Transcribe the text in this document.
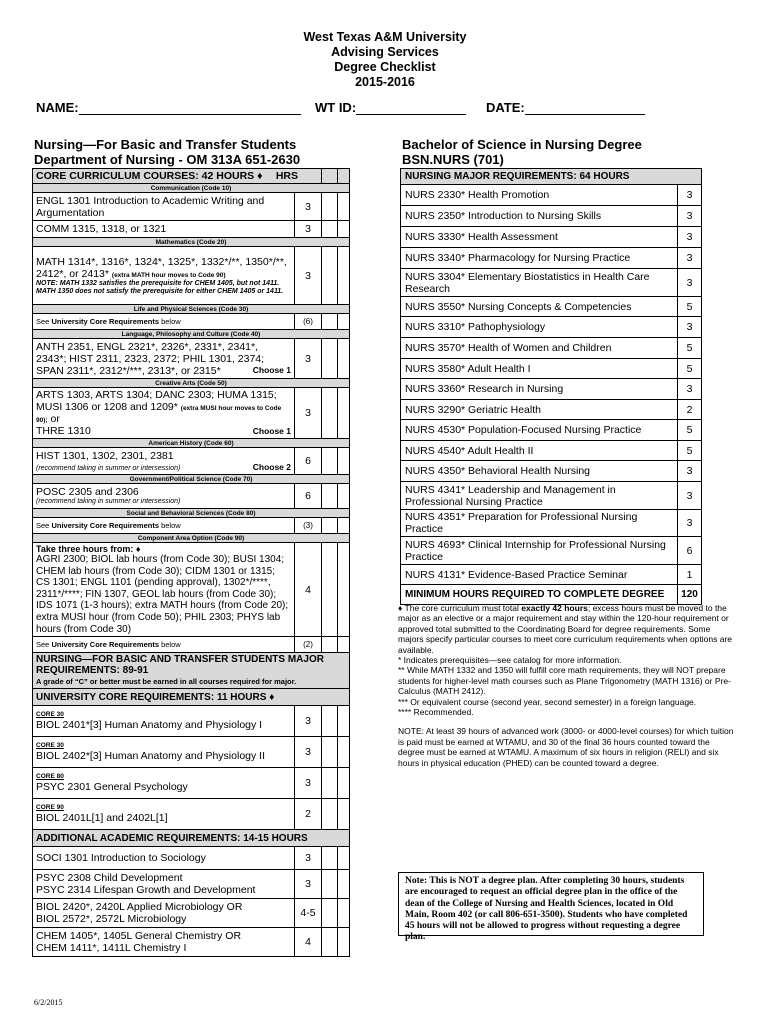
West Texas A&M University
Advising Services
Degree Checklist
2015-2016
NAME:	WT ID:	DATE:
Nursing—For Basic and Transfer Students
Department of Nursing - OM 313A 651-2630
Bachelor of Science in Nursing Degree
BSN.NURS (701)
CORE CURRICULUM COURSES: 42 HOURS ♦ HRS			

Communication (Code 10)			
ENGL 1301 Introduction to Academic Writing and Argumentation	3		
COMM 1315, 1318, or 1321	3		
Mathematics (Code 20)			

MATH 1314*, 1316*, 1324*, 1325*, 1332*/**, 1350*/**,
2412*, or 2413* (extra MATH hour moves to Code 90)
NOTE: MATH 1332 satisfies the prerequisite for CHEM 1405, but not 1411. MATH 1350 does not satisfy the prerequisite for either CHEM 1405 or 1411.	3		
Life and Physical Sciences (Code 30)			
See University Core Requirements below	(6)		
Language, Philosophy and Culture (Code 40)			
ANTH 2351, ENGL 2321*, 2326*, 2331*, 2341*, 2343*; HIST 2311, 2323, 2372; PHIL 1301, 2374; SPAN 2311*, 2312*/***, 2313*, or 2315* Choose 1	3		
Creative Arts (Code 50)			

ARTS 1303, ARTS 1304; DANC 2303; HUMA 1315; MUSI 1306 or 1208 and 1209* (extra MUSI hour moves to Code 90); or
THRE 1310 Choose 1	3		
American History (Code 60)			

HIST 1301, 1302, 2301, 2381
(recommend taking in summer or intersession) Choose 2	6		
Government/Political Science (Code 70)			

POSC 2305 and 2306
(recommend taking in summer or intersession)	6		
Social and Behavioral Sciences (Code 80)			
See University Core Requirements below	(3)		
Component Area Option (Code 90)			

Take three hours from: ♦
AGRI 2300; BIOL lab hours (from Code 30); BUSI 1304; CHEM lab hours (from Code 30); CIDM 1301 or 1315; CS 1301; ENGL 1101 (pending approval), 1302*/****, 2311*/****; FIN 1307, GEOL lab hours (from Code 30); IDS 1071 (1-3 hours); extra MATH hours (from Code 20); extra MUSI hour (from Code 50); PHIL 2303; PHYS lab hours (from Code 30)	4		
See University Core Requirements below	(2)		

NURSING—FOR BASIC AND TRANSFER STUDENTS MAJOR REQUIREMENTS: 89-91
A grade of “C” or better must be earned in all courses required for major.			

UNIVERSITY CORE REQUIREMENTS: 11 HOURS ♦			

CORE 30
BIOL 2401*[3] Human Anatomy and Physiology I	3		

CORE 30
BIOL 2402*[3] Human Anatomy and Physiology II	3		

CORE 80
PSYC 2301 General Psychology	3		

CORE 90
BIOL 2401L[1] and 2402L[1]	2		
ADDITIONAL ACADEMIC REQUIREMENTS: 14-15 HOURS			

SOCI 1301 Introduction to Sociology	3		

PSYC 2308 Child Development
PSYC 2314 Lifespan Growth and Development	3		

BIOL 2420*, 2420L Applied Microbiology OR
BIOL 2572*, 2572L Microbiology	4-5		

CHEM 1405*, 1405L General Chemistry OR
CHEM 1411*, 1411L Chemistry I	4		
NURSING MAJOR REQUIREMENTS: 64 HOURS	
NURS 2330* Health Promotion	3
NURS 2350* Introduction to Nursing Skills	3
NURS 3330* Health Assessment	3
NURS 3340* Pharmacology for Nursing Practice	3
NURS 3304* Elementary Biostatistics in Health Care Research	3
NURS 3550* Nursing Concepts & Competencies	5
NURS 3310* Pathophysiology	3
NURS 3570* Health of Women and Children	5
NURS 3580* Adult Health I	5
NURS 3360* Research in Nursing	3
NURS 3290* Geriatric Health	2
NURS 4530* Population-Focused Nursing Practice	5
NURS 4540* Adult Health II	5
NURS 4350* Behavioral Health Nursing	3
NURS 4341* Leadership and Management in Professional Nursing Practice	3
NURS 4351* Preparation for Professional Nursing Practice	3
NURS 4693* Clinical Internship for Professional Nursing Practice	6
NURS 4131* Evidence-Based Practice Seminar	1
MINIMUM HOURS REQUIRED TO COMPLETE DEGREE	120

♦ The core curriculum must total exactly 42 hours; excess hours must be moved to the major as an elective or a major requirement and stay within the 120-hour requirement or approved total submitted to the Coordinating Board for degree requirements. Some majors specify particular courses to meet core curriculum requirements when options are available.

* Indicates prerequisites—see catalog for more information.

** While MATH 1332 and 1350 will fulfill core math requirements, they will NOT prepare students for higher-level math courses such as Plane Trigonometry (MATH 1316) or Pre-Calculus (MATH 2412).

*** Or equivalent course (second year, second semester) in a foreign language.

**** Recommended.

NOTE: At least 39 hours of advanced work (3000- or 4000-level courses) for which tuition is paid must be earned at WTAMU, and 30 of the final 36 hours counted toward the degree must be earned at WTAMU. A maximum of six hours in religion (RELI) and six hours in physical education (PHED) can be counted toward a degree.

Note: This is NOT a degree plan. After completing 30 hours, students are encouraged to request an official degree plan in the office of the dean of the College of Nursing and Health Sciences, located in Old Main, Room 402 (or call 806-651-3500). Students who have completed 45 hours will not be allowed to progress without requesting a degree plan.
6/2/2015
